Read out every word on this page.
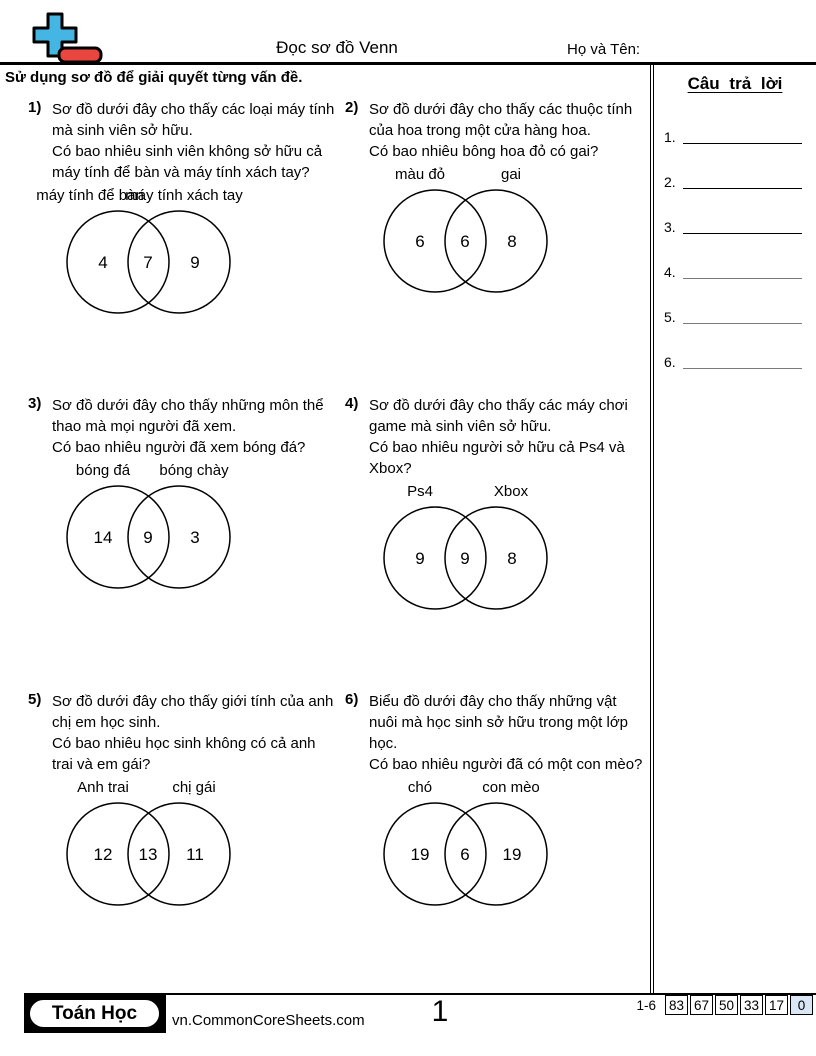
Đọc sơ đồ Venn	Họ và Tên:
Sử dụng sơ đồ để giải quyết từng vấn đề.
1) Sơ đồ dưới đây cho thấy các loại máy tính mà sinh viên sở hữu.
Có bao nhiêu sinh viên không sở hữu cả máy tính để bàn và máy tính xách tay?
máy tính để bàn
máy tính xách tay
4 7 9
2) Sơ đồ dưới đây cho thấy các thuộc tính của hoa trong một cửa hàng hoa.
Có bao nhiêu bông hoa đỏ có gai?
màu đỏ	gai
6 6 8
3) Sơ đồ dưới đây cho thấy những môn thể thao mà mọi người đã xem.
Có bao nhiêu người đã xem bóng đá?
bóng đá bóng chày
14 9 3
4) Sơ đồ dưới đây cho thấy các máy chơi game mà sinh viên sở hữu.
Có bao nhiêu người sở hữu cả Ps4 và Xbox?
Ps4	Xbox
9 9 8
5) Sơ đồ dưới đây cho thấy giới tính của anh chị em học sinh.
Có bao nhiêu học sinh không có cả anh trai và em gái?
Anh trai	chị gái
12 13 11
6) Biểu đồ dưới đây cho thấy những vật nuôi mà học sinh sở hữu trong một lớp học.
Có bao nhiêu người đã có một con mèo?
chó	con mèo
19 6 19
Câu trả lời
1.
2.
3.
4.
5.
6.
Toán Học	vn.CommonCoreSheets.com 1	1-6 83 67 50 33 17	0
